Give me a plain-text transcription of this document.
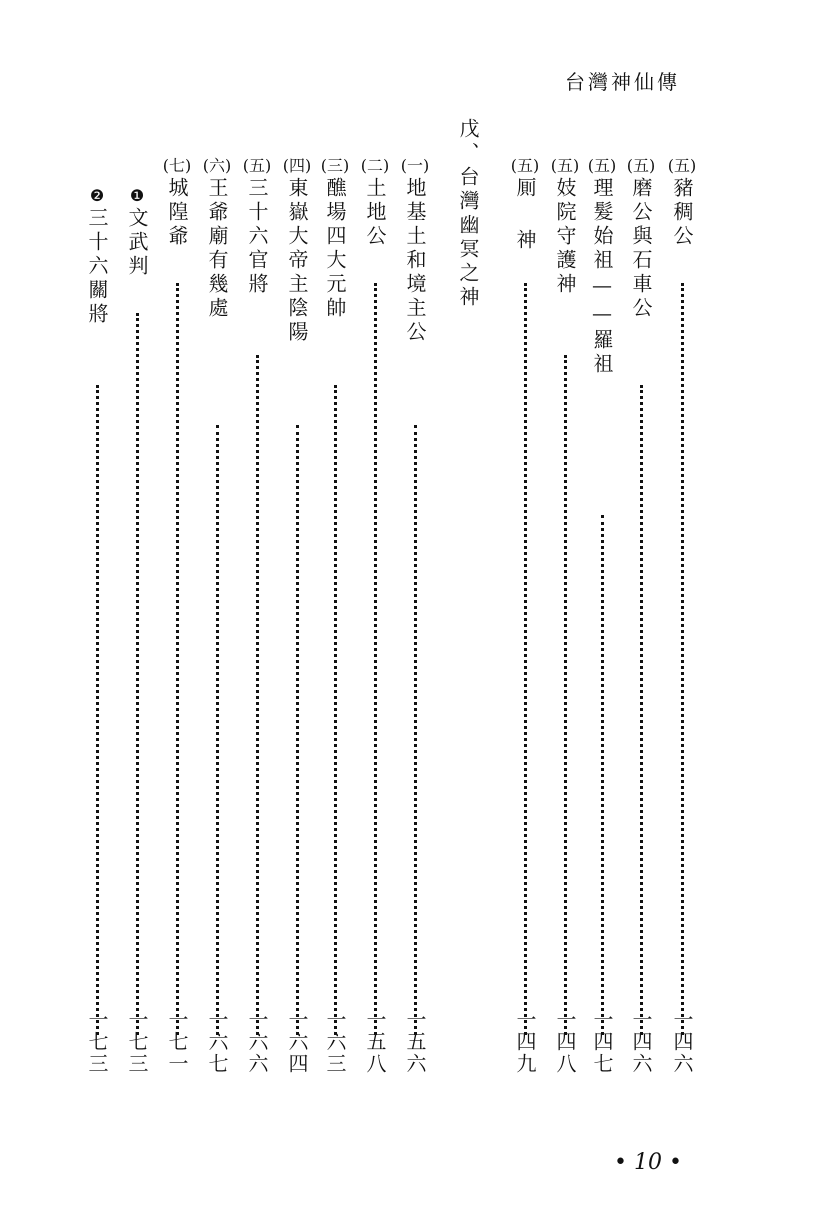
台灣神仙傳
戊、台灣幽冥之神	(五)
豬稠公
一四六
(五)
磨公與石車公
一四六
(五)
理髮始祖——羅祖
一四七
(五)
妓院守護神
一四八
(五)
厠 神
一四九
(一)
地基土和境主公
一五六
(二)
土地公
一五八
(三)
醮場四大元帥
一六三
(四)
東嶽大帝主陰陽
一六四
(五)
三十六官將
一六六
(六)
王爺廟有幾處
一六七
(七)
城隍爺
一七一
❶
文武判
一七三
❷
三十六關將
一七三
• 10 •
